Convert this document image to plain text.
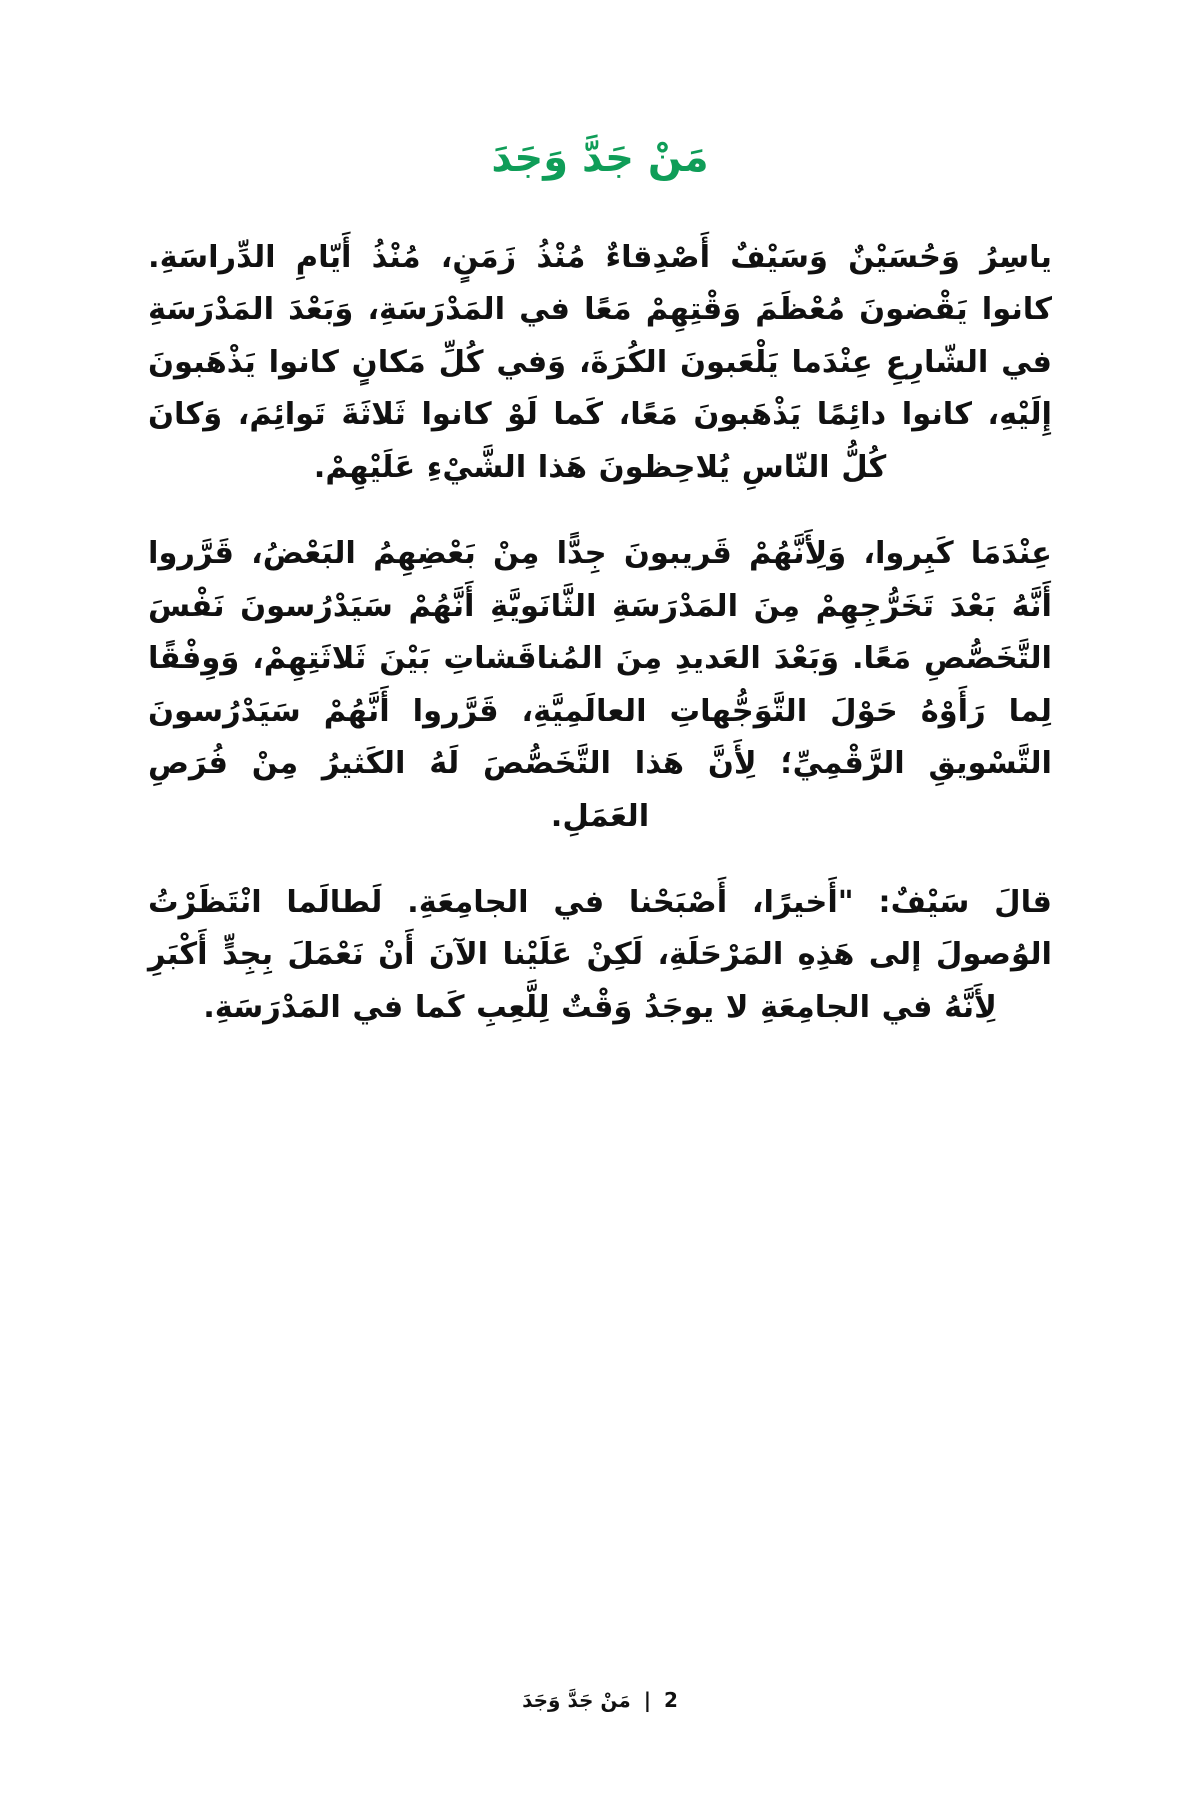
مَنْ جَدَّ وَجَدَ

ياسِرُ وَحُسَيْنٌ وَسَيْفٌ أَصْدِقاءٌ مُنْذُ زَمَنٍ، مُنْذُ أَيّامِ الدِّراسَةِ. كانوا يَقْضونَ مُعْظَمَ وَقْتِهِمْ مَعًا في المَدْرَسَةِ، وَبَعْدَ المَدْرَسَةِ في الشّارِعِ عِنْدَما يَلْعَبونَ الكُرَةَ، وَفي كُلِّ مَكانٍ كانوا يَذْهَبونَ إِلَيْهِ، كانوا دائِمًا يَذْهَبونَ مَعًا، كَما لَوْ كانوا ثَلاثَةَ تَوائِمَ، وَكانَ كُلُّ النّاسِ يُلاحِظونَ هَذا الشَّيْءِ عَلَيْهِمْ.

عِنْدَمَا كَبِروا، وَلِأَنَّهُمْ قَريبونَ جِدًّا مِنْ بَعْضِهِمُ البَعْضُ، قَرَّروا أَنَّهُ بَعْدَ تَخَرُّجِهِمْ مِنَ المَدْرَسَةِ الثَّانَويَّةِ أَنَّهُمْ سَيَدْرُسونَ نَفْسَ التَّخَصُّصِ مَعًا. وَبَعْدَ العَديدِ مِنَ المُناقَشاتِ بَيْنَ ثَلاثَتِهِمْ، وَوِفْقًا لِما رَأَوْهُ حَوْلَ التَّوَجُّهاتِ العالَمِيَّةِ، قَرَّروا أَنَّهُمْ سَيَدْرُسونَ التَّسْويقِ الرَّقْمِيِّ؛ لِأَنَّ هَذا التَّخَصُّصَ لَهُ الكَثيرُ مِنْ فُرَصِ العَمَلِ.

قالَ سَيْفٌ: "أَخيرًا، أَصْبَحْنا في الجامِعَةِ. لَطالَما انْتَظَرْتُ الوُصولَ إلى هَذِهِ المَرْحَلَةِ، لَكِنْ عَلَيْنا الآنَ أَنْ نَعْمَلَ بِجِدٍّ أَكْبَرِ لِأَنَّهُ في الجامِعَةِ لا يوجَدُ وَقْتٌ لِلَّعِبِ كَما في المَدْرَسَةِ.

2 | مَنْ جَدَّ وَجَدَ
